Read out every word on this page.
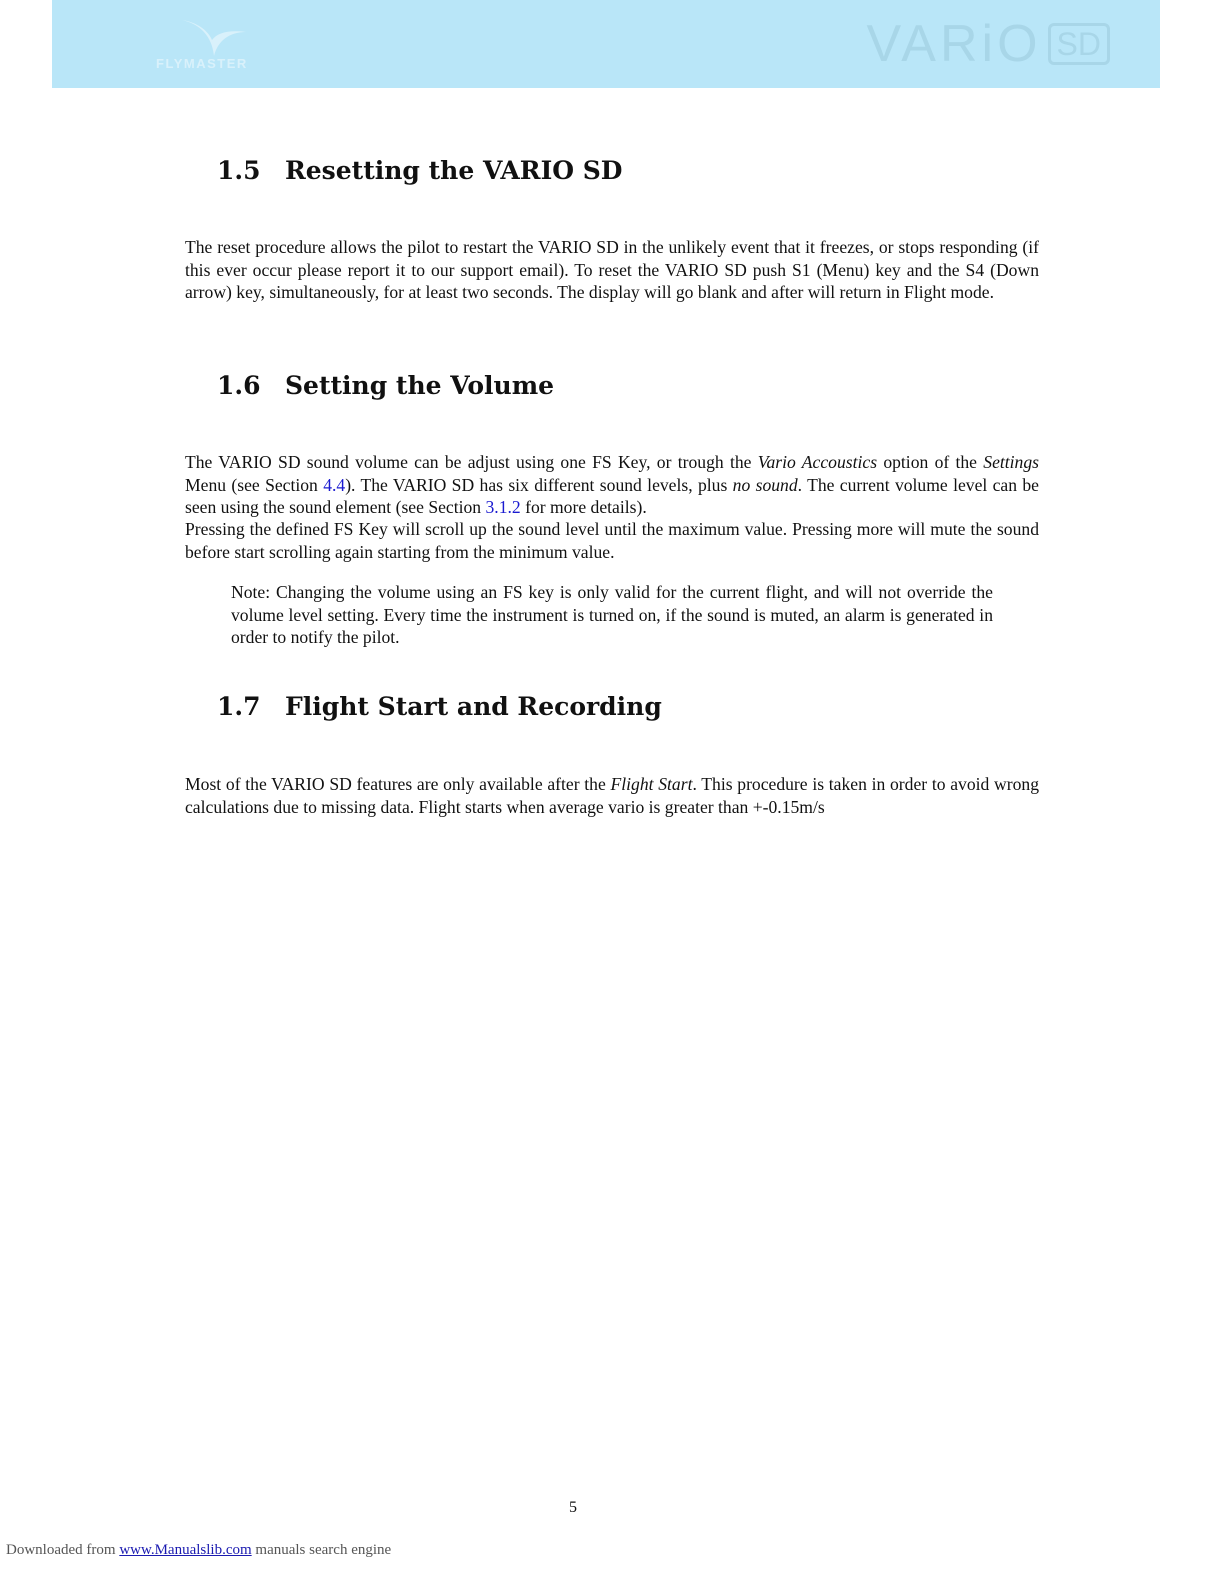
FLYMASTER	VARiO SD
1.5 Resetting the VARIO SD

The reset procedure allows the pilot to restart the VARIO SD in the unlikely event that it freezes, or stops responding (if this ever occur please report it to our support email). To reset the VARIO SD push S1 (Menu) key and the S4 (Down arrow) key, simultaneously, for at least two seconds. The display will go blank and after will return in Flight mode.

1.6 Setting the Volume

The VARIO SD sound volume can be adjust using one FS Key, or trough the Vario Accoustics option of the Settings Menu (see Section 4.4). The VARIO SD has six different sound levels, plus no sound. The current volume level can be seen using the sound element (see Section 3.1.2 for more details).

Pressing the defined FS Key will scroll up the sound level until the maximum value. Pressing more will mute the sound before start scrolling again starting from the minimum value.

Note: Changing the volume using an FS key is only valid for the current flight, and will not override the volume level setting. Every time the instrument is turned on, if the sound is muted, an alarm is generated in order to notify the pilot.

1.7 Flight Start and Recording

Most of the VARIO SD features are only available after the Flight Start. This procedure is taken in order to avoid wrong calculations due to missing data. Flight starts when average vario is greater than +-0.15m/s

5
Downloaded from www.Manualslib.com manuals search engine
